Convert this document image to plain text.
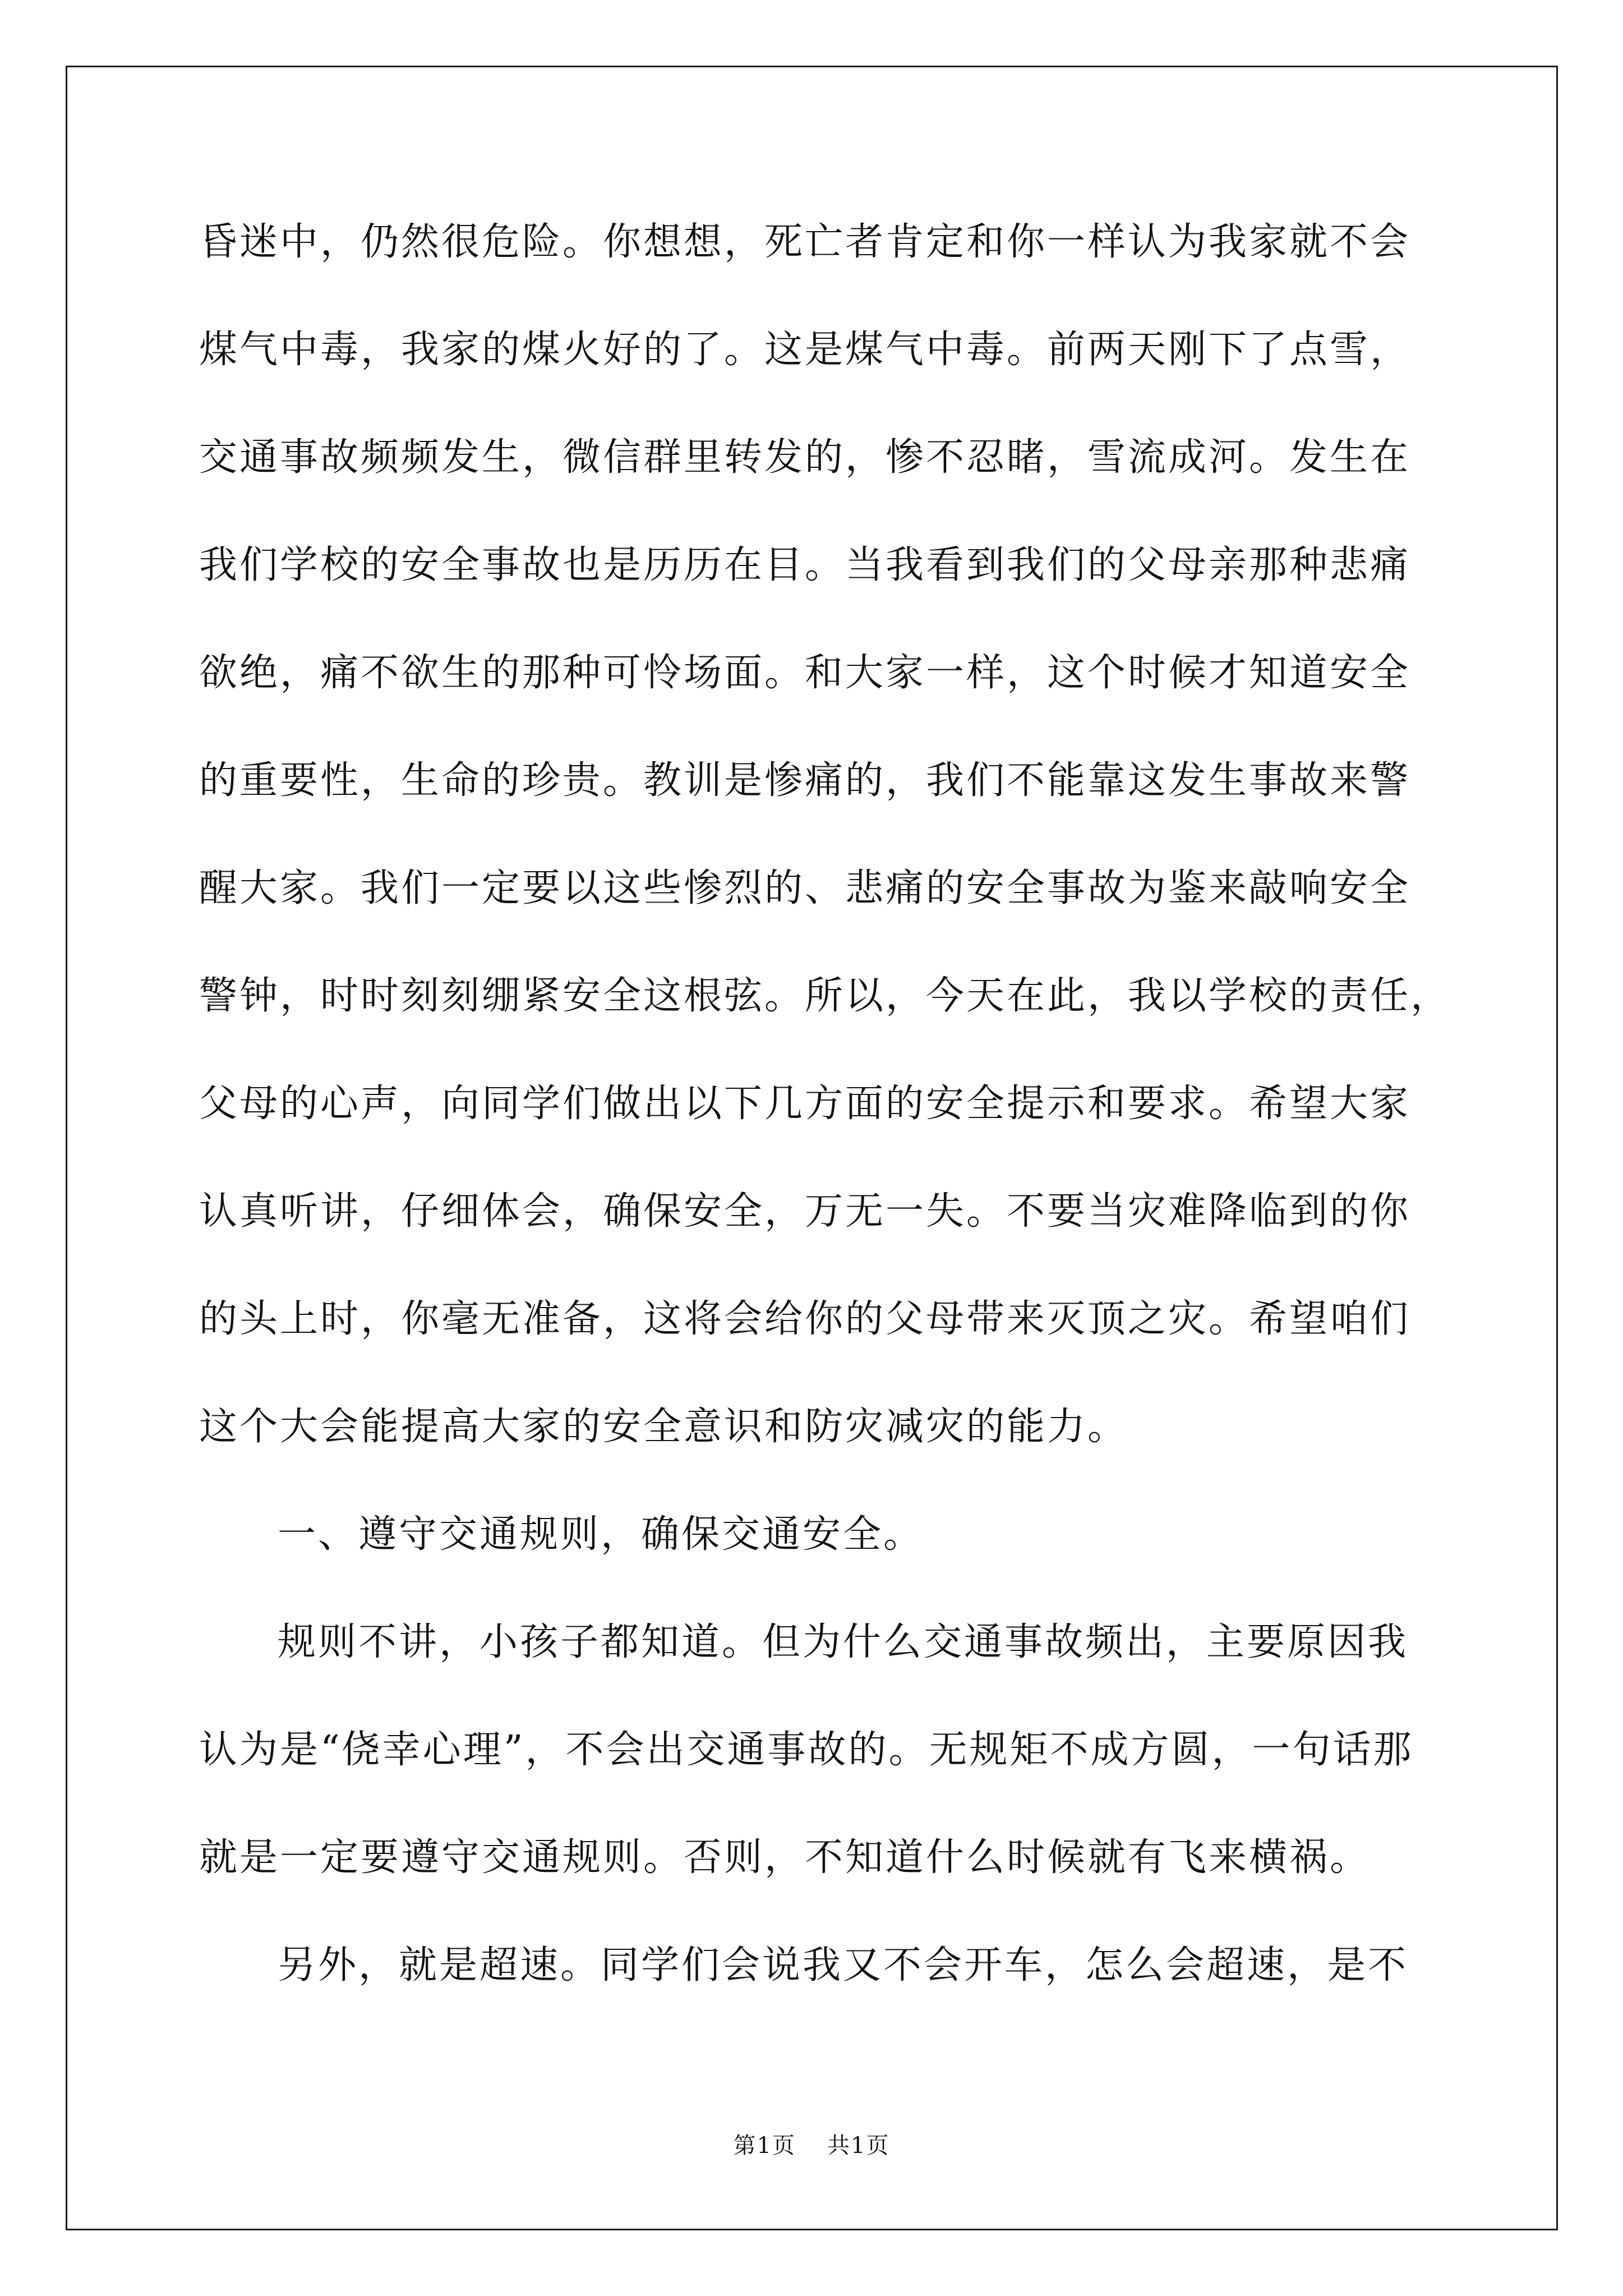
昏迷中，仍然很危险。你想想，死亡者肯定和你一样认为我家就不会
煤气中毒，我家的煤火好的了。这是煤气中毒。前两天刚下了点雪，
交通事故频频发生，微信群里转发的，惨不忍睹，雪流成河。发生在
我们学校的安全事故也是历历在目。当我看到我们的父母亲那种悲痛
欲绝，痛不欲生的那种可怜场面。和大家一样，这个时候才知道安全
的重要性，生命的珍贵。教训是惨痛的，我们不能靠这发生事故来警
醒大家。我们一定要以这些惨烈的、悲痛的安全事故为鉴来敲响安全
警钟，时时刻刻绷紧安全这根弦。所以，今天在此，我以学校的责任，
父母的心声，向同学们做出以下几方面的安全提示和要求。希望大家
认真听讲，仔细体会，确保安全，万无一失。不要当灾难降临到的你
的头上时，你毫无准备，这将会给你的父母带来灭顶之灾。希望咱们
这个大会能提高大家的安全意识和防灾减灾的能力。
一、遵守交通规则，确保交通安全。
规则不讲，小孩子都知道。但为什么交通事故频出，主要原因我
认为是“侥幸心理”，不会出交通事故的。无规矩不成方圆，一句话那
就是一定要遵守交通规则。否则，不知道什么时候就有飞来横祸。
另外，就是超速。同学们会说我又不会开车，怎么会超速，是不
第1页 共1页
